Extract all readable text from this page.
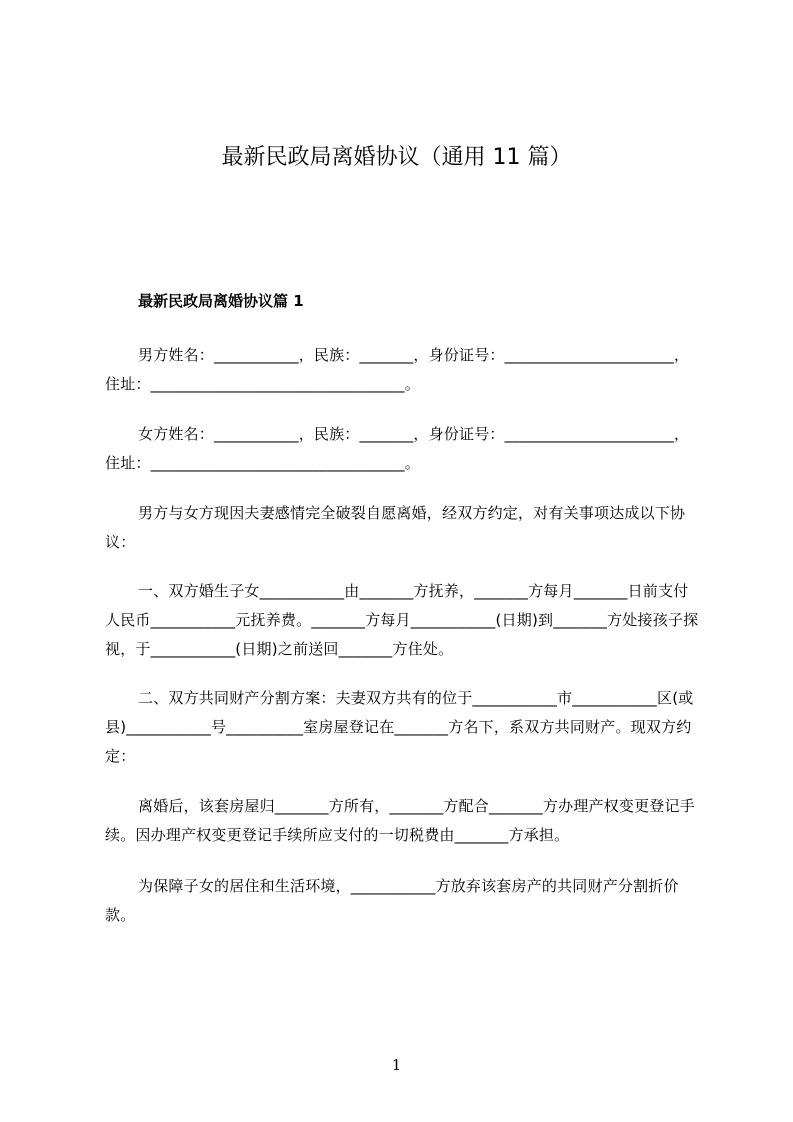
最新民政局离婚协议（通用 11 篇）
最新民政局离婚协议篇 1
男方姓名：___________，民族：_______，身份证号：______________________，住址：_________________________________。
女方姓名：___________，民族：_______，身份证号：______________________，住址：_________________________________。
男方与女方现因夫妻感情完全破裂自愿离婚，经双方约定，对有关事项达成以下协议：
一、双方婚生子女___________由_______方抚养，_______方每月_______日前支付人民币___________元抚养费。_______方每月___________(日期)到_______方处接孩子探视，于___________(日期)之前送回_______方住处。
二、双方共同财产分割方案：夫妻双方共有的位于___________市___________区(或县)___________号__________室房屋登记在_______方名下，系双方共同财产。现双方约定：
离婚后，该套房屋归_______方所有，_______方配合_______方办理产权变更登记手续。因办理产权变更登记手续所应支付的一切税费由_______方承担。
为保障子女的居住和生活环境，___________方放弃该套房产的共同财产分割折价款。
1
